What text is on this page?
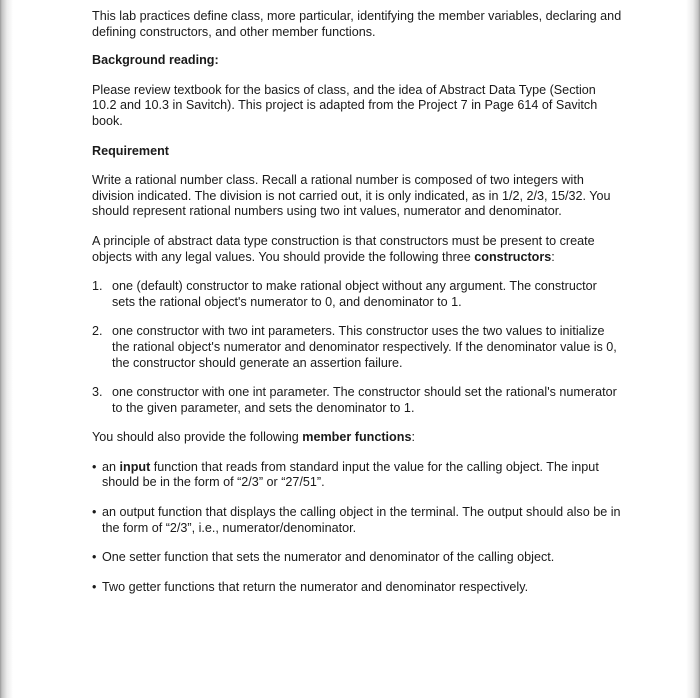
This lab practices define class, more particular, identifying the member variables, declaring and defining constructors, and other member functions.

Background reading:

Please review textbook for the basics of class, and the idea of Abstract Data Type (Section 10.2 and 10.3 in Savitch). This project is adapted from the Project 7 in Page 614 of Savitch book.

Requirement

Write a rational number class. Recall a rational number is composed of two integers with division indicated. The division is not carried out, it is only indicated, as in 1/2, 2/3, 15/32. You should represent rational numbers using two int values, numerator and denominator.

A principle of abstract data type construction is that constructors must be present to create objects with any legal values. You should provide the following three constructors:

1. one (default) constructor to make rational object without any argument. The constructor sets the rational object's numerator to 0, and denominator to 1.
2. one constructor with two int parameters. This constructor uses the two values to initialize the rational object's numerator and denominator respectively. If the denominator value is 0, the constructor should generate an assertion failure.
3. one constructor with one int parameter. The constructor should set the rational's numerator to the given parameter, and sets the denominator to 1.

You should also provide the following member functions:

• an input function that reads from standard input the value for the calling object. The input should be in the form of “2/3” or “27/51”.
• an output function that displays the calling object in the terminal. The output should also be in the form of “2/3”, i.e., numerator/denominator.
• One setter function that sets the numerator and denominator of the calling object.
• Two getter functions that return the numerator and denominator respectively.
